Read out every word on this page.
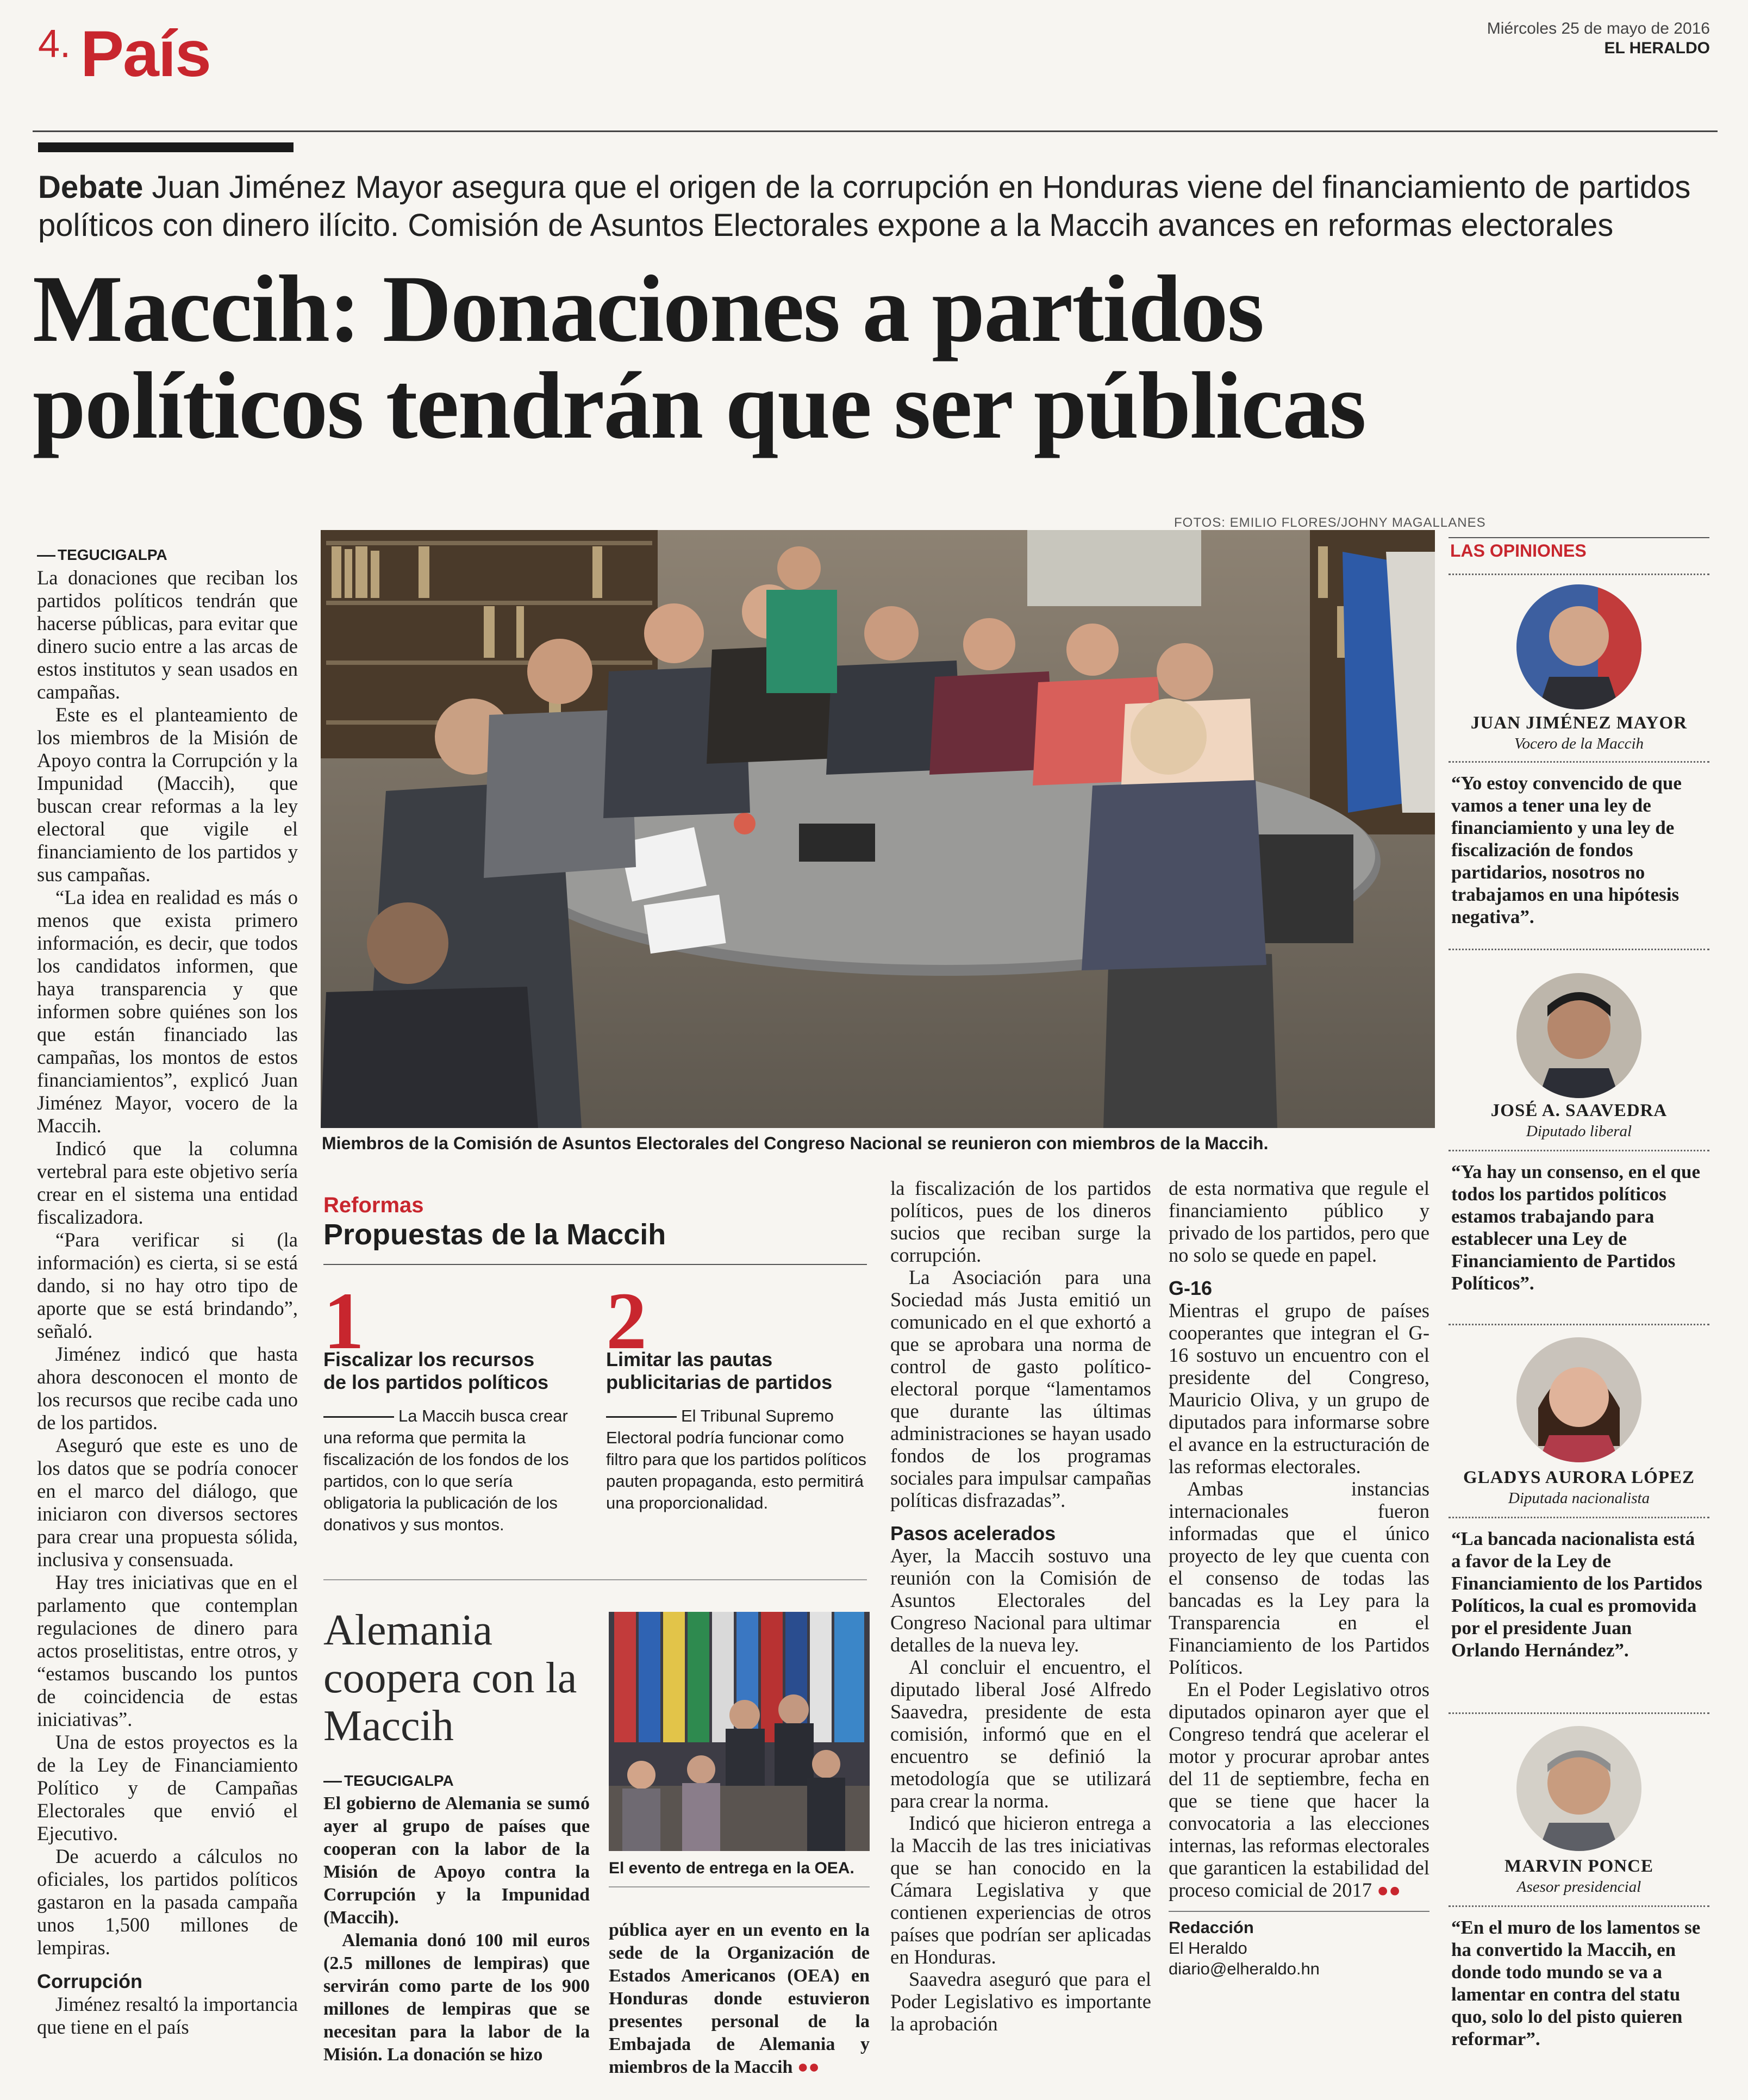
4. País	Miércoles 25 de mayo de 2016
EL HERALDO
Debate Juan Jiménez Mayor asegura que el origen de la corrupción en Honduras viene del financiamiento de partidos políticos con dinero ilícito. Comisión de Asuntos Electorales expone a la Maccih avances en reformas electorales
Maccih: Donaciones a partidos
políticos tendrán que ser públicas
FOTOS: EMILIO FLORES/JOHNY MAGALLANES
Miembros de la Comisión de Asuntos Electorales del Congreso Nacional se reunieron con miembros de la Maccih.
TEGUCIGALPA

La donaciones que reciban los partidos políticos tendrán que hacerse públicas, para evitar que dinero sucio entre a las arcas de estos institutos y sean usados en campañas.

Este es el planteamiento de los miembros de la Misión de Apoyo contra la Corrupción y la Impunidad (Maccih), que buscan crear reformas a la ley electoral que vigile el financiamiento de los partidos y sus campañas.

“La idea en realidad es más o menos que exista primero información, es decir, que todos los candidatos informen, que haya transparencia y que informen sobre quiénes son los que están financiado las campañas, los montos de estos financiamientos”, explicó Juan Jiménez Mayor, vocero de la Maccih.

Indicó que la columna vertebral para este objetivo sería crear en el sistema una entidad fiscalizadora.

“Para verificar si (la información) es cierta, si se está dando, si no hay otro tipo de aporte que se está brindando”, señaló.

Jiménez indicó que hasta ahora desconocen el monto de los recursos que recibe cada uno de los partidos.

Aseguró que este es uno de los datos que se podría conocer en el marco del diálogo, que iniciaron con diversos sectores para crear una propuesta sólida, inclusiva y consensuada.

Hay tres iniciativas que en el parlamento que contemplan regulaciones de dinero para actos proselitistas, entre otros, y “estamos buscando los puntos de coincidencia de estas iniciativas”.

Una de estos proyectos es la de la Ley de Financiamiento Político y de Campañas Electorales que envió el Ejecutivo.

De acuerdo a cálculos no oficiales, los partidos políticos gastaron en la pasada campaña unos 1,500 millones de lempiras.

Corrupción

Jiménez resaltó la importancia que tiene en el país

Reformas
Propuestas de la Maccih
1
Fiscalizar los recursos de los partidos políticos
La Maccih busca crear una reforma que permita la fiscalización de los fondos de los partidos, con lo que sería obligatoria la publicación de los donativos y sus montos.
2
Limitar las pautas publicitarias de partidos
El Tribunal Supremo Electoral podría funcionar como filtro para que los partidos políticos pauten propaganda, esto permitirá una proporcionalidad.
Alemania coopera con la Maccih
TEGUCIGALPA

El gobierno de Alemania se sumó ayer al grupo de países que cooperan con la labor de la Misión de Apoyo contra la Corrupción y la Impunidad (Maccih).

Alemania donó 100 mil euros (2.5 millones de lempiras) que servirán como parte de los 900 millones de lempiras que se necesitan para la labor de la Misión. La donación se hizo

El evento de entrega en la OEA.

pública ayer en un evento en la sede de la Organización de Estados Americanos (OEA) en Honduras donde estuvieron presentes personal de la Embajada de Alemania y miembros de la Maccih ●●

la fiscalización de los partidos políticos, pues de los dineros sucios que reciban surge la corrupción.

La Asociación para una Sociedad más Justa emitió un comunicado en el que exhortó a que se aprobara una norma de control de gasto político-electoral porque “lamentamos que durante las últimas administraciones se hayan usado fondos de los programas sociales para impulsar campañas políticas disfrazadas”.

Pasos acelerados

Ayer, la Maccih sostuvo una reunión con la Comisión de Asuntos Electorales del Congreso Nacional para ultimar detalles de la nueva ley.

Al concluir el encuentro, el diputado liberal José Alfredo Saavedra, presidente de esta comisión, informó que en el encuentro se definió la metodología que se utilizará para crear la norma.

Indicó que hicieron entrega a la Maccih de las tres iniciativas que se han conocido en la Cámara Legislativa y que contienen experiencias de otros países que podrían ser aplicadas en Honduras.

Saavedra aseguró que para el Poder Legislativo es importante la aprobación

de esta normativa que regule el financiamiento público y privado de los partidos, pero que no solo se quede en papel.

G-16

Mientras el grupo de países cooperantes que integran el G-16 sostuvo un encuentro con el presidente del Congreso, Mauricio Oliva, y un grupo de diputados para informarse sobre el avance en la estructuración de las reformas electorales.

Ambas instancias internacionales fueron informadas que el único proyecto de ley que cuenta con el consenso de todas las bancadas es la Ley para la Transparencia en el Financiamiento de los Partidos Políticos.

En el Poder Legislativo otros diputados opinaron ayer que el Congreso tendrá que acelerar el motor y procurar aprobar antes del 11 de septiembre, fecha en que se tiene que hacer la convocatoria a las elecciones internas, las reformas electorales que garanticen la estabilidad del proceso comicial de 2017 ●●

Redacción
El Heraldo
diario@elheraldo.hn
LAS OPINIONES
JUAN JIMÉNEZ MAYOR
Vocero de la Maccih
“Yo estoy convencido de que vamos a tener una ley de financiamiento y una ley de fiscalización de fondos partidarios, nosotros no trabajamos en una hipótesis negativa”.
JOSÉ A. SAAVEDRA
Diputado liberal
“Ya hay un consenso, en el que todos los partidos políticos estamos trabajando para establecer una Ley de Financiamiento de Partidos Políticos”.
GLADYS AURORA LÓPEZ
Diputada nacionalista
“La bancada nacionalista está a favor de la Ley de Financiamiento de los Partidos Políticos, la cual es promovida por el presidente Juan Orlando Hernández”.
MARVIN PONCE
Asesor presidencial
“En el muro de los lamentos se ha convertido la Maccih, en donde todo mundo se va a lamentar en contra del statu quo, solo lo del pisto quieren reformar”.
